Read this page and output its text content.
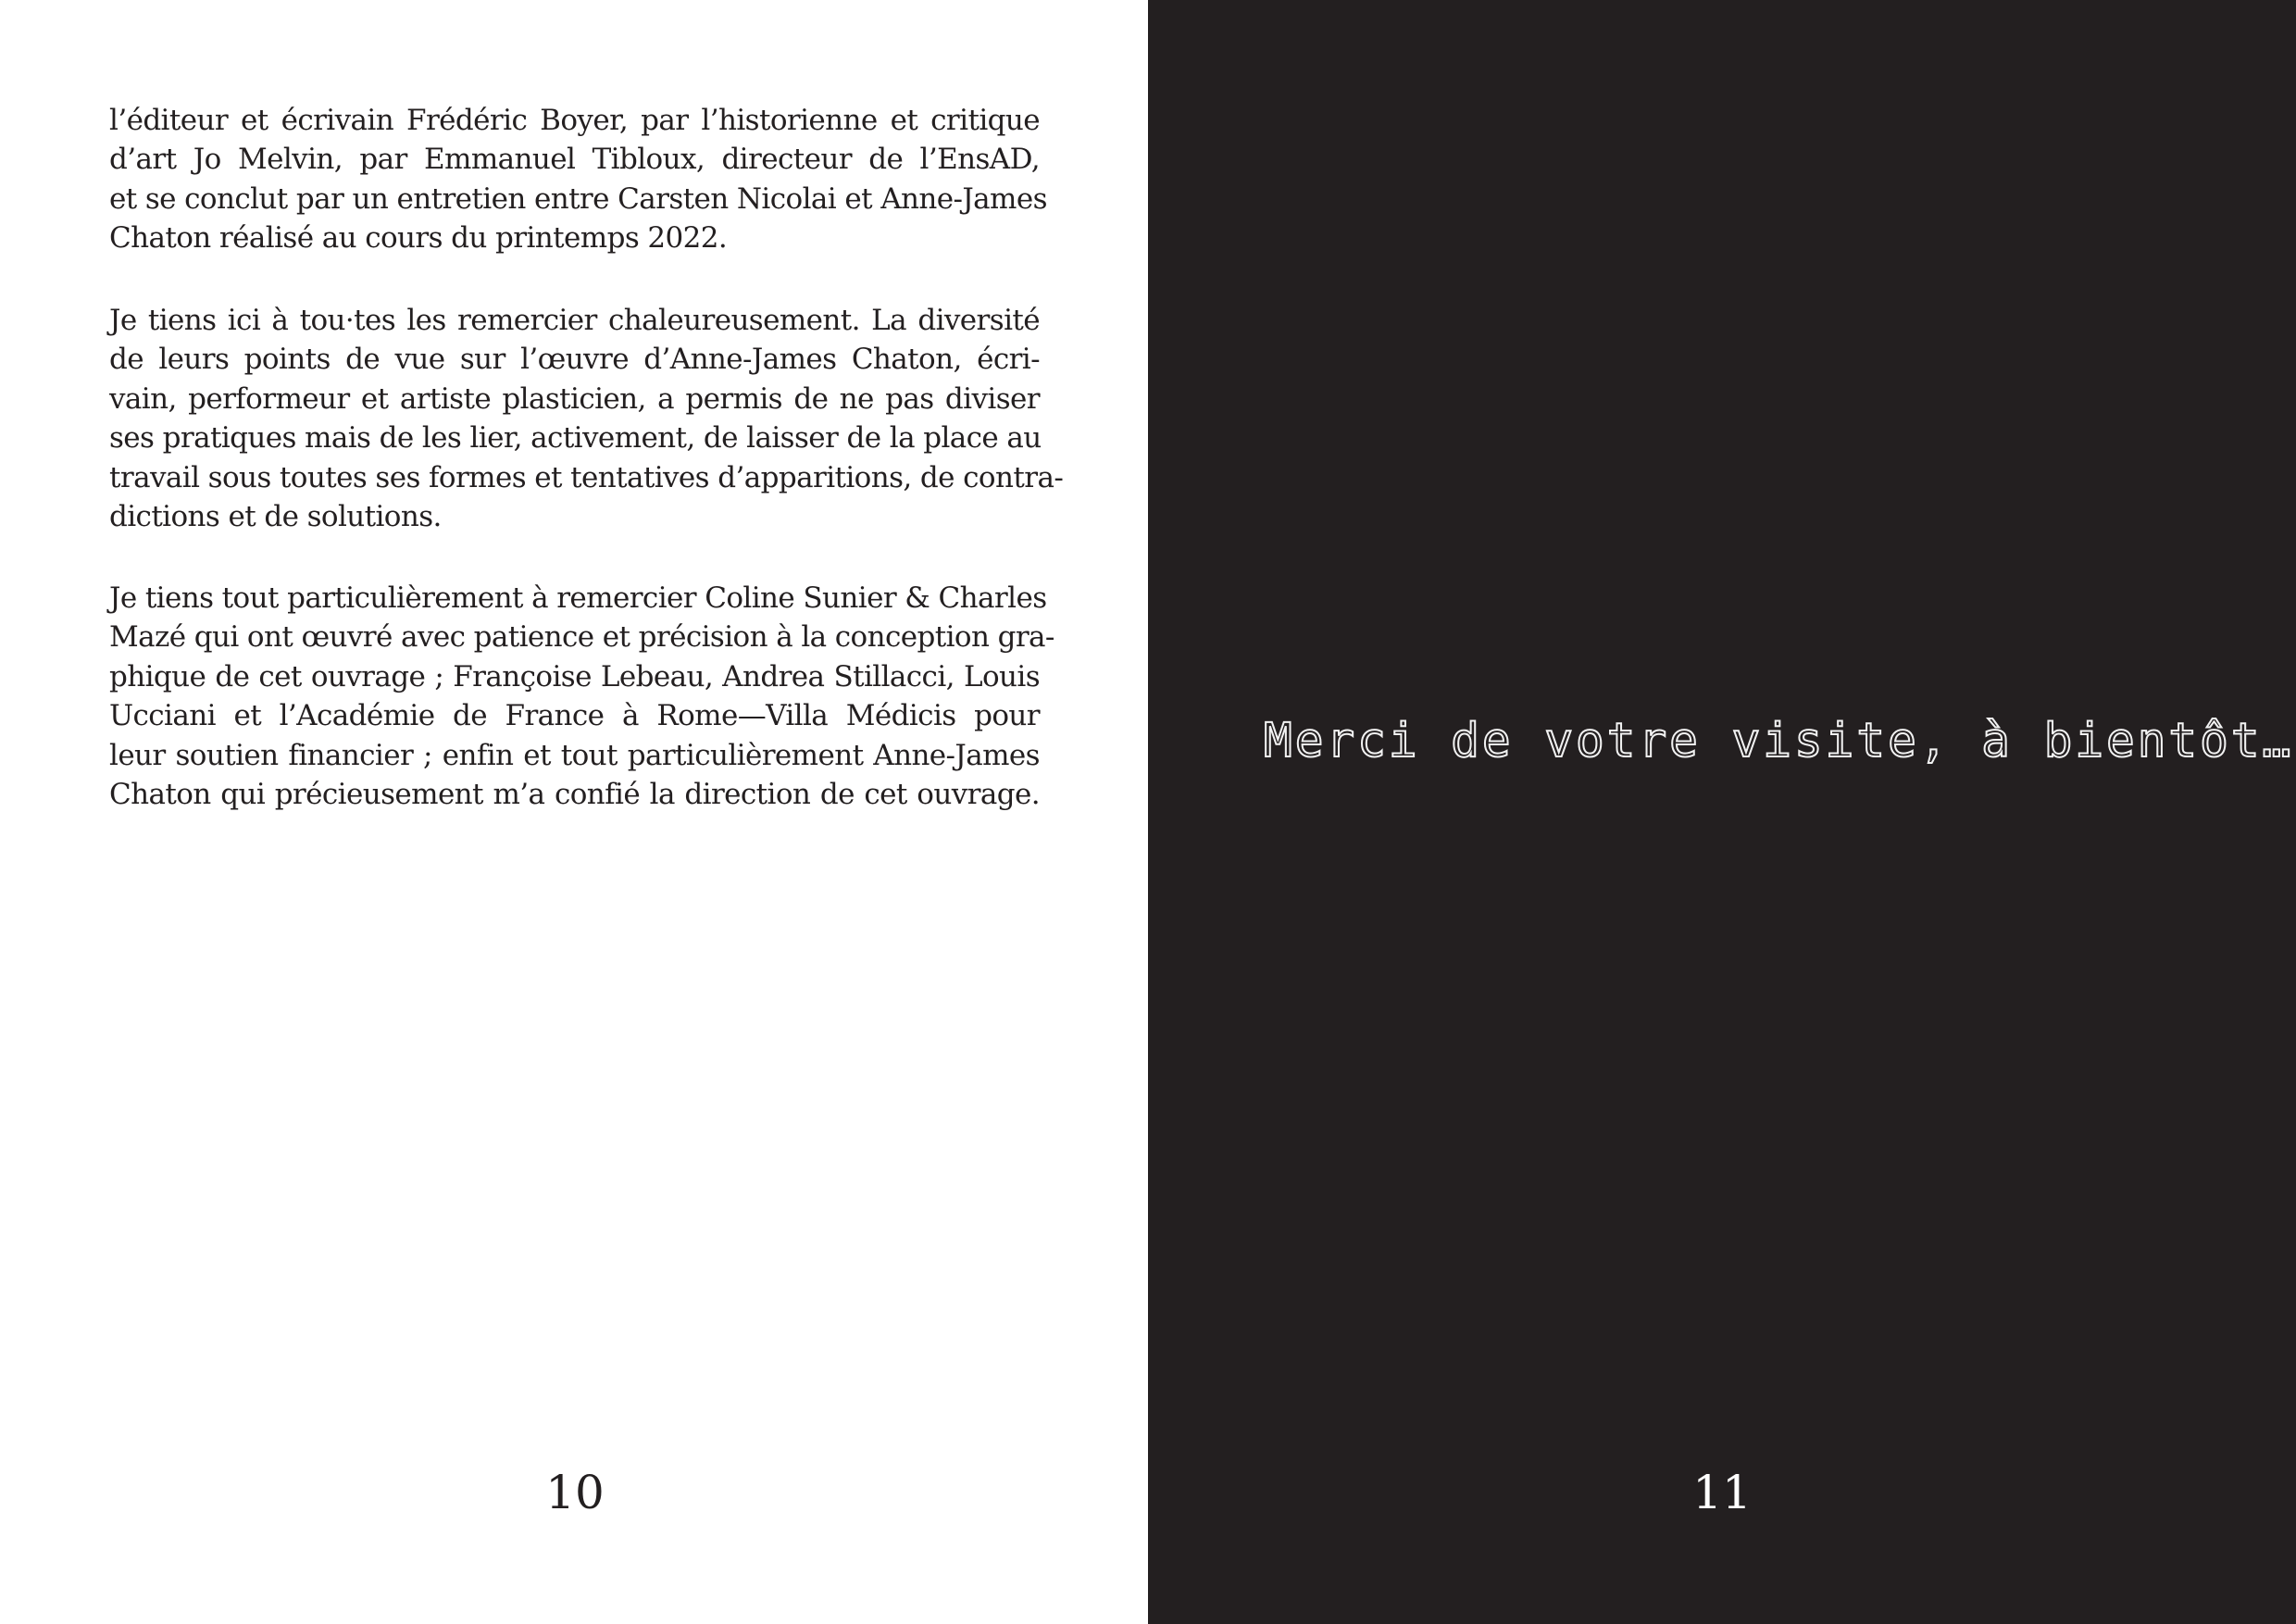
l’éditeur et écrivain Frédéric Boyer, par l’historienne et critique
d’art Jo Melvin, par Emmanuel Tibloux, directeur de l’EnsAD,
et se conclut par un entretien entre Carsten Nicolai et Anne-James
Chaton réalisé au cours du printemps 2022.
Je tiens ici à tou·tes les remercier chaleureusement. La diversité
de leurs points de vue sur l’œuvre d’Anne-James Chaton, écri-
vain, performeur et artiste plasticien, a permis de ne pas diviser
ses pratiques mais de les lier, activement, de laisser de la place au
travail sous toutes ses formes et tentatives d’apparitions, de contra-
dictions et de solutions.
Je tiens tout particulièrement à remercier Coline Sunier & Charles
Mazé qui ont œuvré avec patience et précision à la conception gra-
phique de cet ouvrage ; Françoise Lebeau, Andrea Stillacci, Louis
Ucciani et l’Académie de France à Rome—Villa Médicis pour
leur soutien financier ; enfin et tout particulièrement Anne-James
Chaton qui précieusement m’a confié la direction de cet ouvrage.
10
Merci de votre visite, à bientôt…
11
